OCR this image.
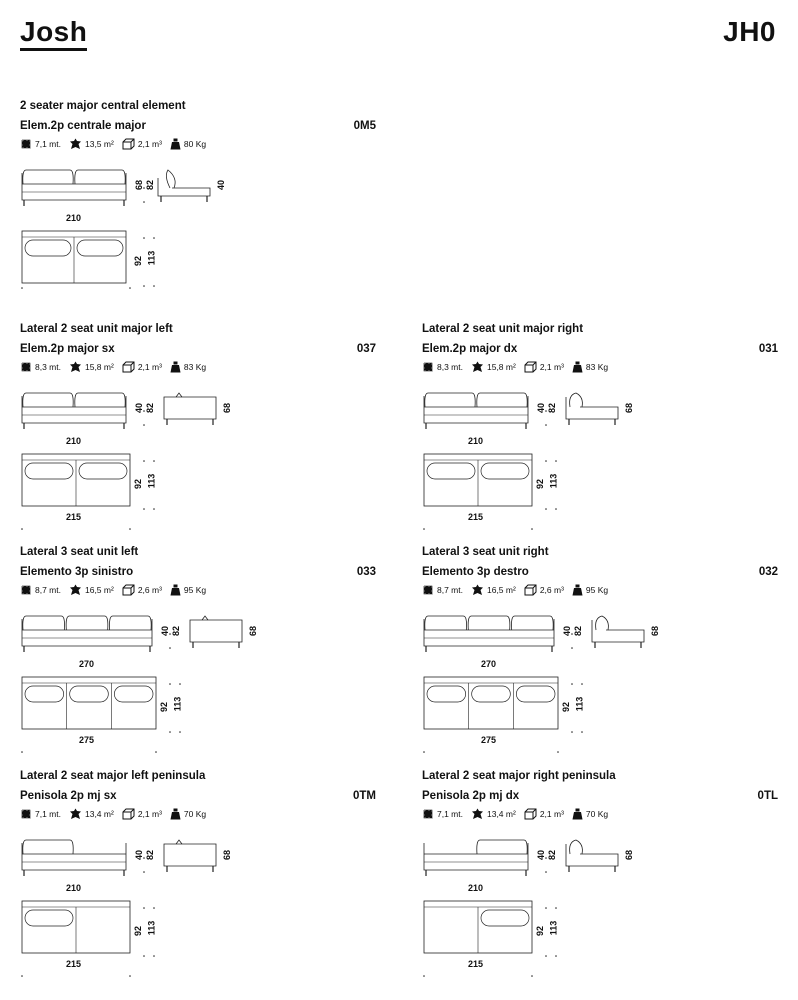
Josh	JH0
2 seater major central element
Elem.2p centrale major	0M5
7,1 mt.	13,5 m²	2,1 m³	80 Kg
210
68 82	40
92 113
Lateral 2 seat unit major left
Elem.2p major sx	037
8,3 mt.	15,8 m²	2,1 m³	83 Kg
210
40 82	68
92 113
215
Lateral 2 seat unit major right
Elem.2p major dx	031
8,3 mt.	15,8 m²	2,1 m³	83 Kg
210
40 82	68
92 113
215
Lateral 3 seat unit left
Elemento 3p sinistro	033
8,7 mt.	16,5 m²	2,6 m³	95 Kg
270
40 82	68
92 113
275
Lateral 3 seat unit right
Elemento 3p destro	032
8,7 mt.	16,5 m²	2,6 m³	95 Kg
270
40 82	68
92 113
275
Lateral 2 seat major left peninsula
Penisola 2p mj sx	0TM
7,1 mt.	13,4 m²	2,1 m³	70 Kg
210
40 82	68
92 113
215
Lateral 2 seat major right peninsula
Penisola 2p mj dx	0TL
7,1 mt.	13,4 m²	2,1 m³	70 Kg
210
40 82	68
92 113
215
